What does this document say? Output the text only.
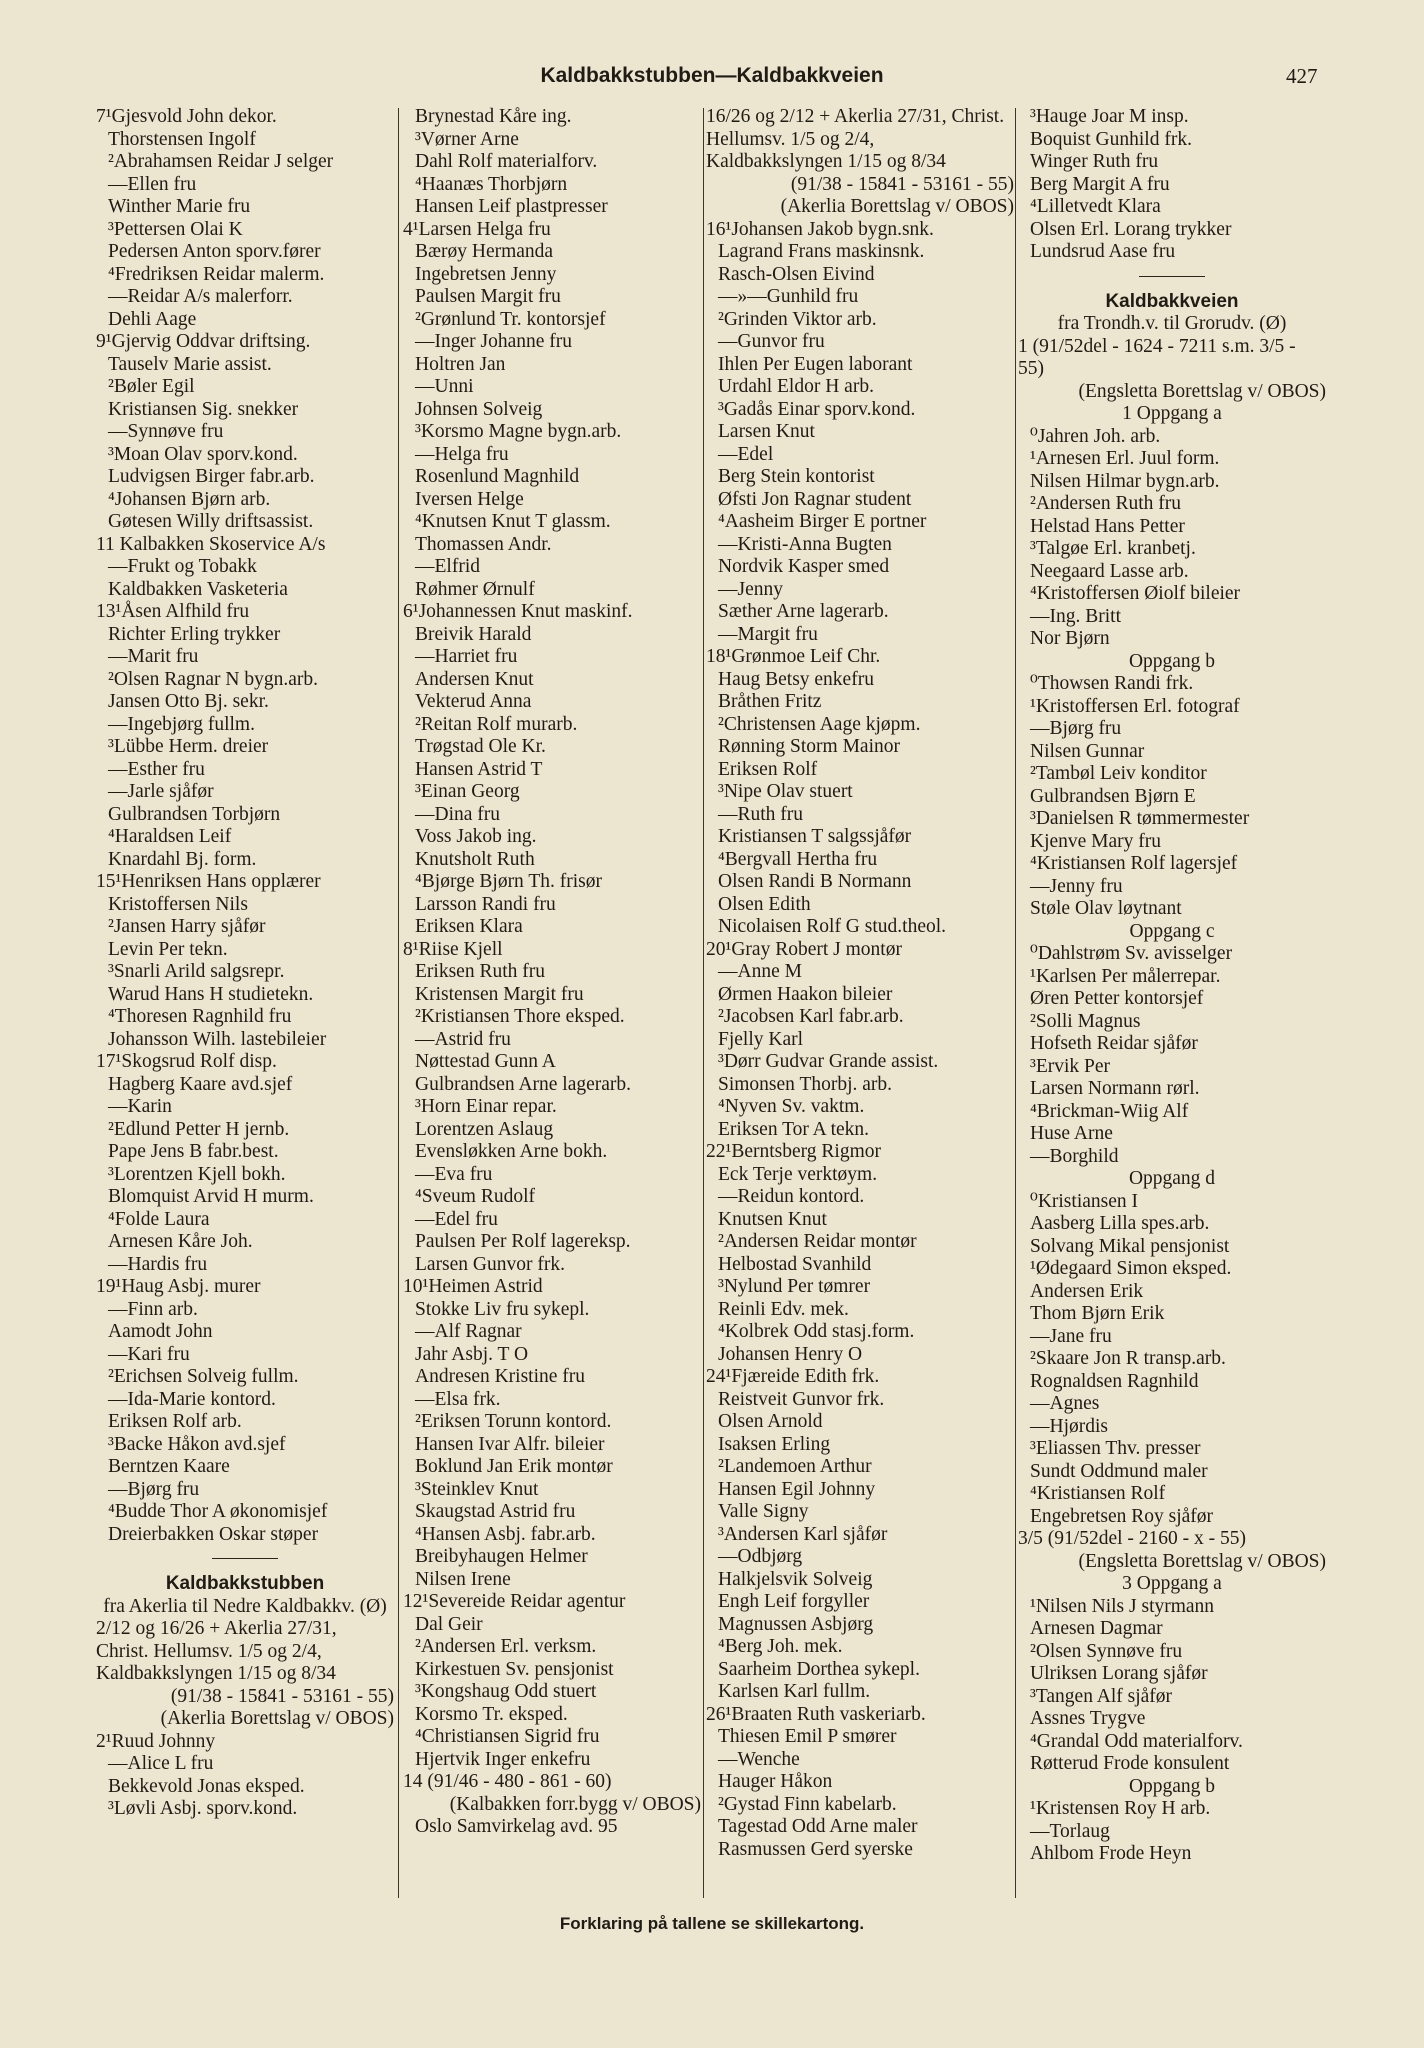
Kaldbakkstubben—Kaldbakkveien	427
7¹Gjesvold John dekor.
Thorstensen Ingolf
²Abrahamsen Reidar J selger
—Ellen fru
Winther Marie fru
³Pettersen Olai K
Pedersen Anton sporv.fører
⁴Fredriksen Reidar malerm.
—Reidar A/s malerforr.
Dehli Aage
9¹Gjervig Oddvar driftsing.
Tauselv Marie assist.
²Bøler Egil
Kristiansen Sig. snekker
—Synnøve fru
³Moan Olav sporv.kond.
Ludvigsen Birger fabr.arb.
⁴Johansen Bjørn arb.
Gøtesen Willy driftsassist.
11 Kalbakken Skoservice A/s
—Frukt og Tobakk
Kaldbakken Vasketeria
13¹Åsen Alfhild fru
Richter Erling trykker
—Marit fru
²Olsen Ragnar N bygn.arb.
Jansen Otto Bj. sekr.
—Ingebjørg fullm.
³Lübbe Herm. dreier
—Esther fru
—Jarle sjåfør
Gulbrandsen Torbjørn
⁴Haraldsen Leif
Knardahl Bj. form.
15¹Henriksen Hans opplærer
Kristoffersen Nils
²Jansen Harry sjåfør
Levin Per tekn.
³Snarli Arild salgsrepr.
Warud Hans H studietekn.
⁴Thoresen Ragnhild fru
Johansson Wilh. lastebileier
17¹Skogsrud Rolf disp.
Hagberg Kaare avd.sjef
—Karin
²Edlund Petter H jernb.
Pape Jens B fabr.best.
³Lorentzen Kjell bokh.
Blomquist Arvid H murm.
⁴Folde Laura
Arnesen Kåre Joh.
—Hardis fru
19¹Haug Asbj. murer
—Finn arb.
Aamodt John
—Kari fru
²Erichsen Solveig fullm.
—Ida-Marie kontord.
Eriksen Rolf arb.
³Backe Håkon avd.sjef
Berntzen Kaare
—Bjørg fru
⁴Budde Thor A økonomisjef
Dreierbakken Oskar støper
Kaldbakkstubben
fra Akerlia til Nedre Kaldbakkv. (Ø)
2/12 og 16/26 + Akerlia 27/31, Christ. Hellumsv. 1/5 og 2/4, Kaldbakkslyngen 1/15 og 8/34
(91/38 - 15841 - 53161 - 55)
(Akerlia Borettslag v/ OBOS)
2¹Ruud Johnny
—Alice L fru
Bekkevold Jonas eksped.
³Løvli Asbj. sporv.kond.
Brynestad Kåre ing.
³Vørner Arne
Dahl Rolf materialforv.
⁴Haanæs Thorbjørn
Hansen Leif plastpresser
4¹Larsen Helga fru
Bærøy Hermanda
Ingebretsen Jenny
Paulsen Margit fru
²Grønlund Tr. kontorsjef
—Inger Johanne fru
Holtren Jan
—Unni
Johnsen Solveig
³Korsmo Magne bygn.arb.
—Helga fru
Rosenlund Magnhild
Iversen Helge
⁴Knutsen Knut T glassm.
Thomassen Andr.
—Elfrid
Røhmer Ørnulf
6¹Johannessen Knut maskinf.
Breivik Harald
—Harriet fru
Andersen Knut
Vekterud Anna
²Reitan Rolf murarb.
Trøgstad Ole Kr.
Hansen Astrid T
³Einan Georg
—Dina fru
Voss Jakob ing.
Knutsholt Ruth
⁴Bjørge Bjørn Th. frisør
Larsson Randi fru
Eriksen Klara
8¹Riise Kjell
Eriksen Ruth fru
Kristensen Margit fru
²Kristiansen Thore eksped.
—Astrid fru
Nøttestad Gunn A
Gulbrandsen Arne lagerarb.
³Horn Einar repar.
Lorentzen Aslaug
Evensløkken Arne bokh.
—Eva fru
⁴Sveum Rudolf
—Edel fru
Paulsen Per Rolf lagereksp.
Larsen Gunvor frk.
10¹Heimen Astrid
Stokke Liv fru sykepl.
—Alf Ragnar
Jahr Asbj. T O
Andresen Kristine fru
—Elsa frk.
²Eriksen Torunn kontord.
Hansen Ivar Alfr. bileier
Boklund Jan Erik montør
³Steinklev Knut
Skaugstad Astrid fru
⁴Hansen Asbj. fabr.arb.
Breibyhaugen Helmer
Nilsen Irene
12¹Severeide Reidar agentur
Dal Geir
²Andersen Erl. verksm.
Kirkestuen Sv. pensjonist
³Kongshaug Odd stuert
Korsmo Tr. eksped.
⁴Christiansen Sigrid fru
Hjertvik Inger enkefru
14 (91/46 - 480 - 861 - 60)
(Kalbakken forr.bygg v/ OBOS)
Oslo Samvirkelag avd. 95
16/26 og 2/12 + Akerlia 27/31, Christ. Hellumsv. 1/5 og 2/4, Kaldbakkslyngen 1/15 og 8/34
(91/38 - 15841 - 53161 - 55)
(Akerlia Borettslag v/ OBOS)
16¹Johansen Jakob bygn.snk.
Lagrand Frans maskinsnk.
Rasch-Olsen Eivind
—»—Gunhild fru
²Grinden Viktor arb.
—Gunvor fru
Ihlen Per Eugen laborant
Urdahl Eldor H arb.
³Gadås Einar sporv.kond.
Larsen Knut
—Edel
Berg Stein kontorist
Øfsti Jon Ragnar student
⁴Aasheim Birger E portner
—Kristi-Anna Bugten
Nordvik Kasper smed
—Jenny
Sæther Arne lagerarb.
—Margit fru
18¹Grønmoe Leif Chr.
Haug Betsy enkefru
Bråthen Fritz
²Christensen Aage kjøpm.
Rønning Storm Mainor
Eriksen Rolf
³Nipe Olav stuert
—Ruth fru
Kristiansen T salgssjåfør
⁴Bergvall Hertha fru
Olsen Randi B Normann
Olsen Edith
Nicolaisen Rolf G stud.theol.
20¹Gray Robert J montør
—Anne M
Ørmen Haakon bileier
²Jacobsen Karl fabr.arb.
Fjelly Karl
³Dørr Gudvar Grande assist.
Simonsen Thorbj. arb.
⁴Nyven Sv. vaktm.
Eriksen Tor A tekn.
22¹Berntsberg Rigmor
Eck Terje verktøym.
—Reidun kontord.
Knutsen Knut
²Andersen Reidar montør
Helbostad Svanhild
³Nylund Per tømrer
Reinli Edv. mek.
⁴Kolbrek Odd stasj.form.
Johansen Henry O
24¹Fjæreide Edith frk.
Reistveit Gunvor frk.
Olsen Arnold
Isaksen Erling
²Landemoen Arthur
Hansen Egil Johnny
Valle Signy
³Andersen Karl sjåfør
—Odbjørg
Halkjelsvik Solveig
Engh Leif forgyller
Magnussen Asbjørg
⁴Berg Joh. mek.
Saarheim Dorthea sykepl.
Karlsen Karl fullm.
26¹Braaten Ruth vaskeriarb.
Thiesen Emil P smører
—Wenche
Hauger Håkon
²Gystad Finn kabelarb.
Tagestad Odd Arne maler
Rasmussen Gerd syerske
³Hauge Joar M insp.
Boquist Gunhild frk.
Winger Ruth fru
Berg Margit A fru
⁴Lilletvedt Klara
Olsen Erl. Lorang trykker
Lundsrud Aase fru
Kaldbakkveien
fra Trondh.v. til Grorudv. (Ø)
1 (91/52del - 1624 - 7211 s.m. 3/5 - 55)
(Engsletta Borettslag v/ OBOS)
1 Oppgang a
⁰Jahren Joh. arb.
¹Arnesen Erl. Juul form.
Nilsen Hilmar bygn.arb.
²Andersen Ruth fru
Helstad Hans Petter
³Talgøe Erl. kranbetj.
Neegaard Lasse arb.
⁴Kristoffersen Øiolf bileier
—Ing. Britt
Nor Bjørn
Oppgang b
⁰Thowsen Randi frk.
¹Kristoffersen Erl. fotograf
—Bjørg fru
Nilsen Gunnar
²Tambøl Leiv konditor
Gulbrandsen Bjørn E
³Danielsen R tømmermester
Kjenve Mary fru
⁴Kristiansen Rolf lagersjef
—Jenny fru
Støle Olav løytnant
Oppgang c
⁰Dahlstrøm Sv. avisselger
¹Karlsen Per målerrepar.
Øren Petter kontorsjef
²Solli Magnus
Hofseth Reidar sjåfør
³Ervik Per
Larsen Normann rørl.
⁴Brickman-Wiig Alf
Huse Arne
—Borghild
Oppgang d
⁰Kristiansen I
Aasberg Lilla spes.arb.
Solvang Mikal pensjonist
¹Ødegaard Simon eksped.
Andersen Erik
Thom Bjørn Erik
—Jane fru
²Skaare Jon R transp.arb.
Rognaldsen Ragnhild
—Agnes
—Hjørdis
³Eliassen Thv. presser
Sundt Oddmund maler
⁴Kristiansen Rolf
Engebretsen Roy sjåfør
3/5 (91/52del - 2160 - x - 55)
(Engsletta Borettslag v/ OBOS)
3 Oppgang a
¹Nilsen Nils J styrmann
Arnesen Dagmar
²Olsen Synnøve fru
Ulriksen Lorang sjåfør
³Tangen Alf sjåfør
Assnes Trygve
⁴Grandal Odd materialforv.
Røtterud Frode konsulent
Oppgang b
¹Kristensen Roy H arb.
—Torlaug
Ahlbom Frode Heyn
Forklaring på tallene se skillekartong.
